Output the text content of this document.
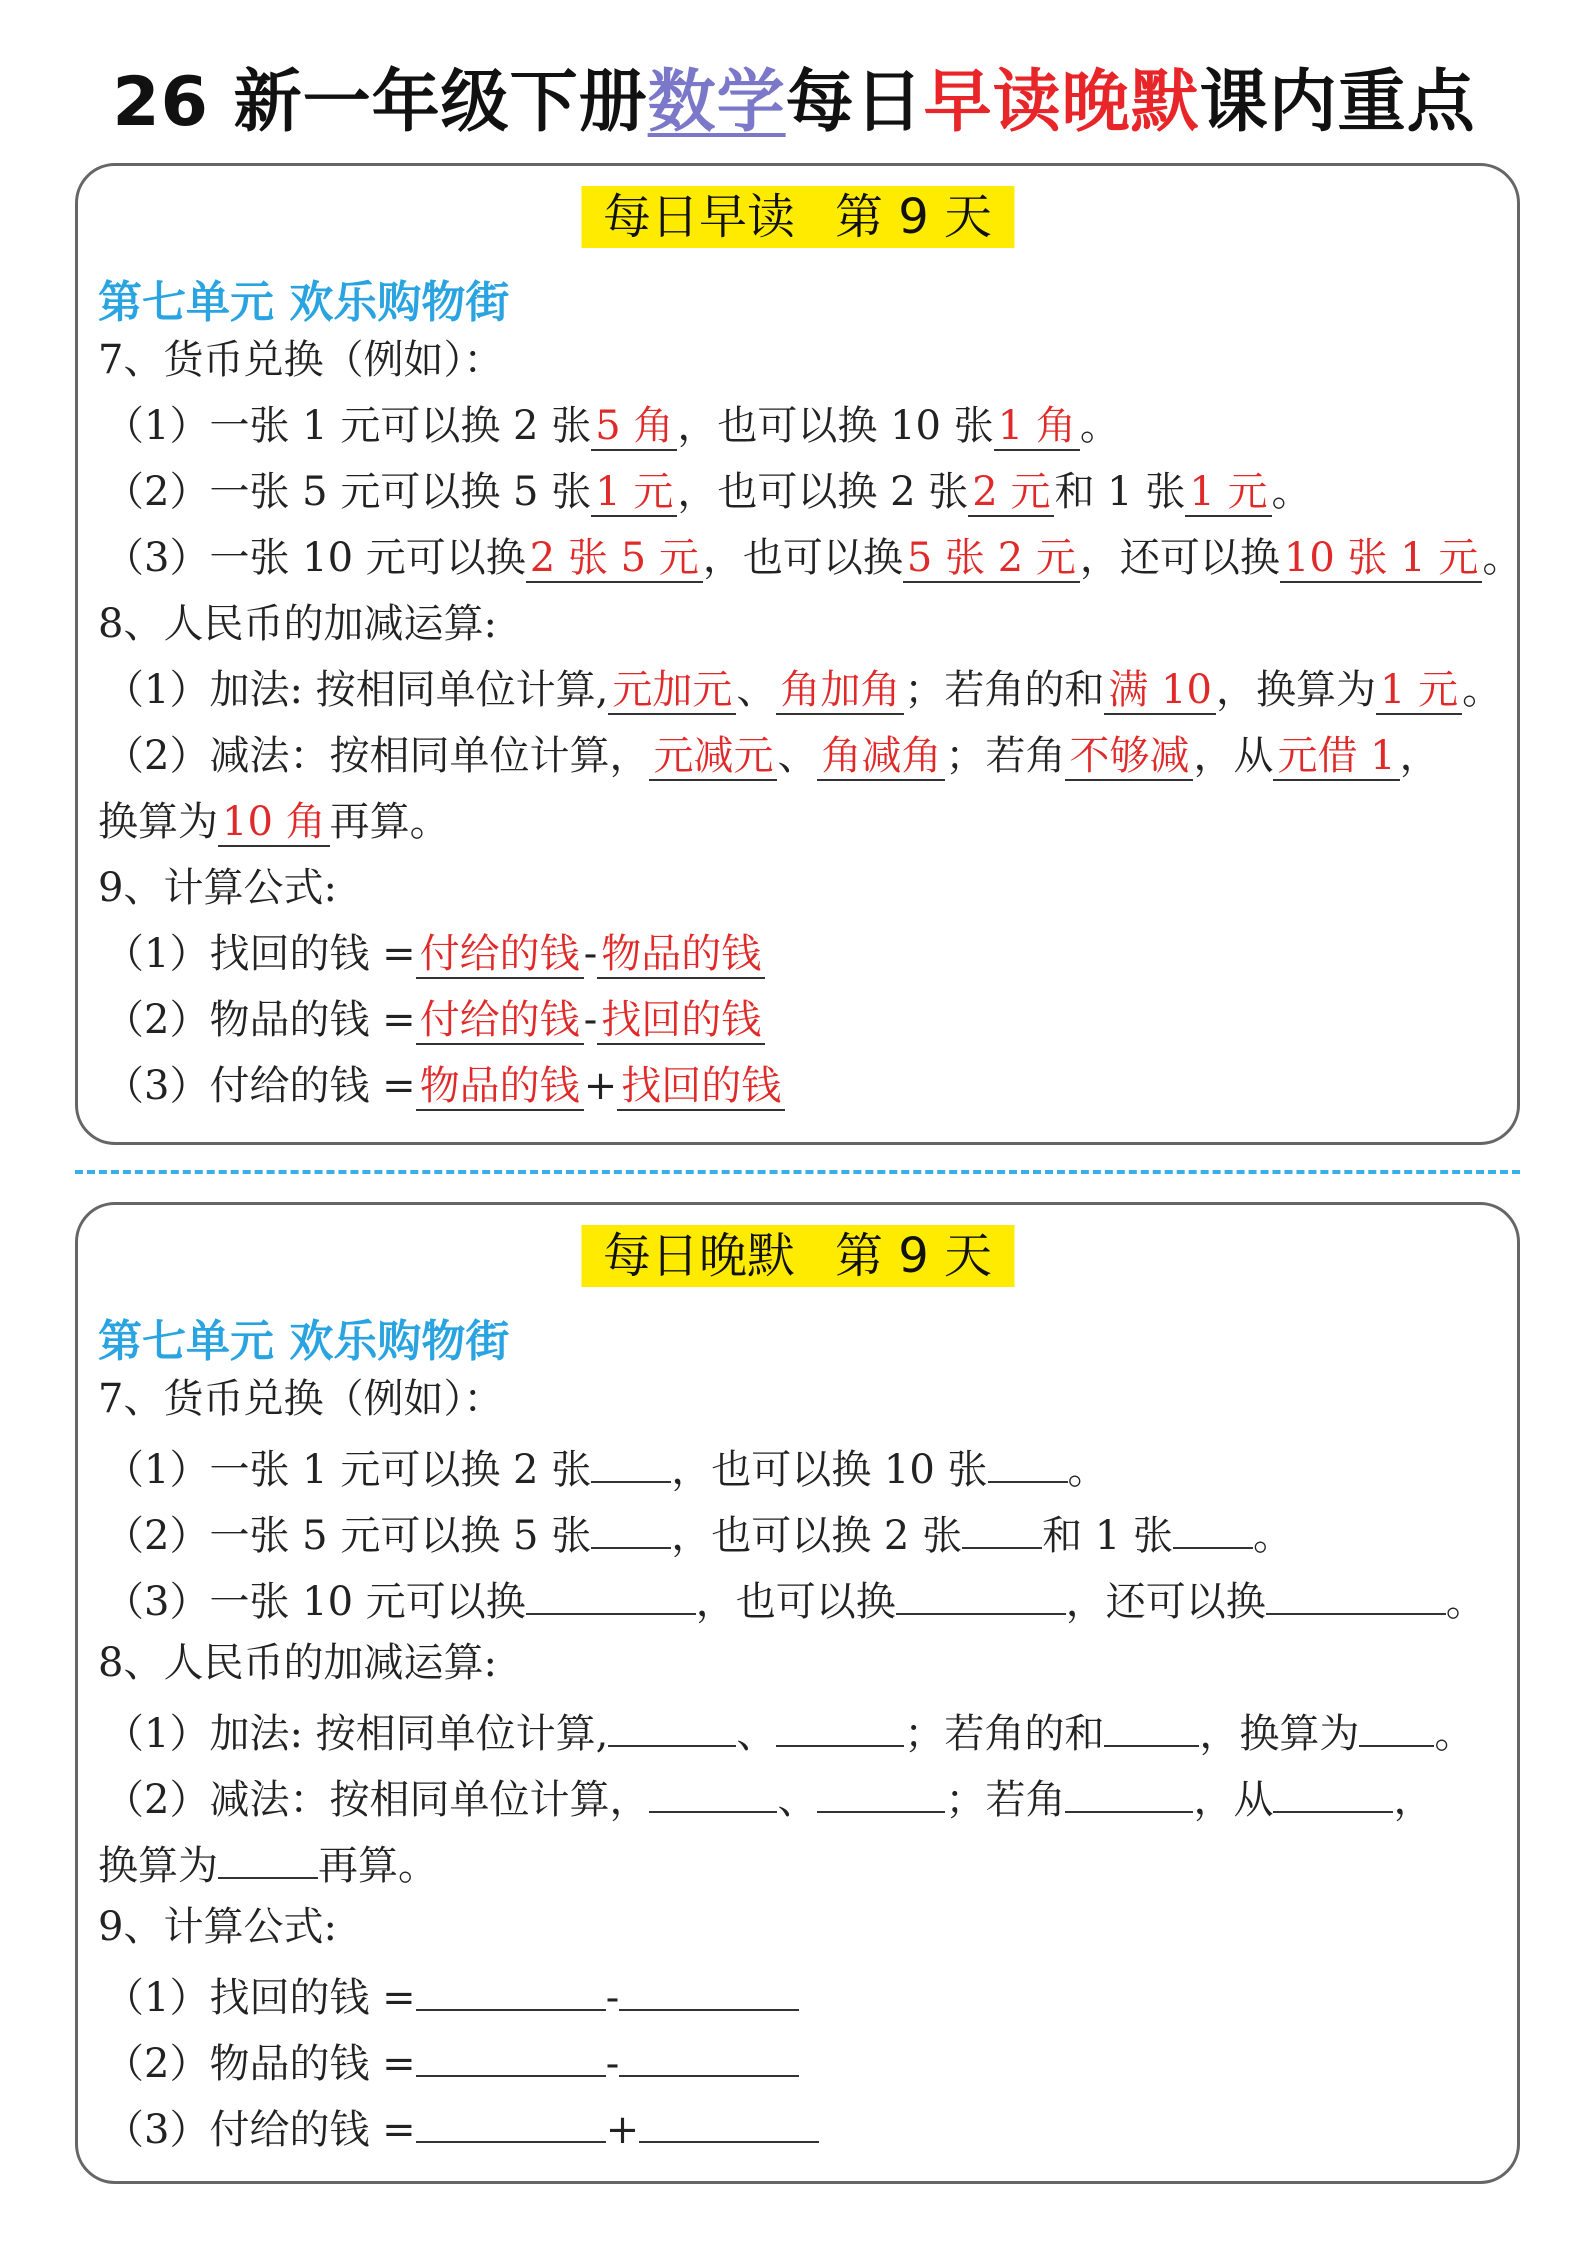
26 新一年级下册数学每日早读晚默课内重点
每日早读 第 9 天
第七单元 欢乐购物街
7、货币兑换（例如）：
（1）一张 1 元可以换 2 张 5 角 ，也可以换 10 张 1 角 。
（2）一张 5 元可以换 5 张 1 元 ，也可以换 2 张 2 元 和 1 张 1 元 。
（3）一张 10 元可以换 2 张 5 元 ，也可以换 5 张 2 元 ，还可以换 10 张 1 元 。
8、人民币的加减运算:
（1）加法: 按相同单位计算, 元加元 、 角加角 ；若角的和 满 10 ，换算为 1 元 。
（2）减法：按相同单位计算， 元减元 、 角减角 ；若角 不够减 ，从 元借 1 ，
换算为 10 角 再算。
9、计算公式:
（1）找回的钱 = 付给的钱 - 物品的钱
（2）物品的钱 = 付给的钱 - 找回的钱
（3）付给的钱 = 物品的钱 + 找回的钱
每日晚默 第 9 天
第七单元 欢乐购物街
7、货币兑换（例如）：
（1）一张 1 元可以换 2 张 ，也可以换 10 张 。
（2）一张 5 元可以换 5 张 ，也可以换 2 张 和 1 张 。
（3）一张 10 元可以换	，也可以换	，还可以换	。
8、人民币的加减运算:
（1）加法: 按相同单位计算,	、	；若角的和 ，换算为 。
（2）减法：按相同单位计算，	、	；若角	，从	，
换算为	再算。
9、计算公式:
（1）找回的钱 =	-
（2）物品的钱 =	-
（3）付给的钱 =	+
